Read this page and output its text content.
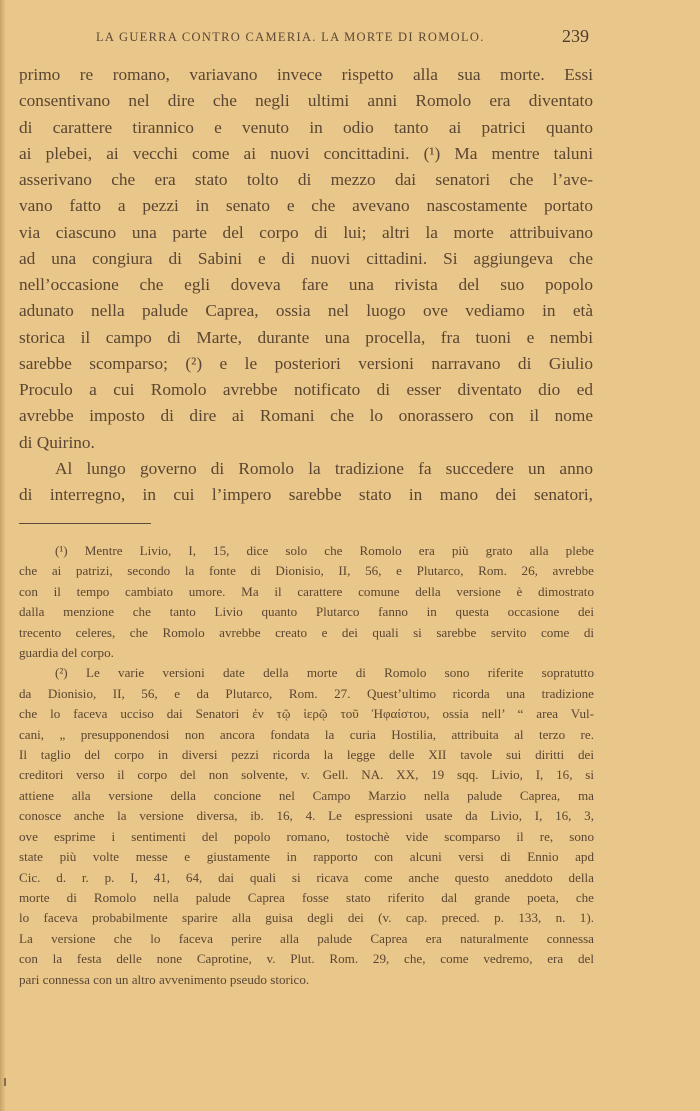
LA GUERRA CONTRO CAMERIA. LA MORTE DI ROMOLO.	239
primo re romano, variavano invece rispetto alla sua morte. Essi
consentivano nel dire che negli ultimi anni Romolo era diventato
di carattere tirannico e venuto in odio tanto ai patrici quanto
ai plebei, ai vecchi come ai nuovi concittadini. (¹) Ma mentre taluni
asserivano che era stato tolto di mezzo dai senatori che l’ave-
vano fatto a pezzi in senato e che avevano nascostamente portato
via ciascuno una parte del corpo di lui; altri la morte attribuivano
ad una congiura di Sabini e di nuovi cittadini. Si aggiungeva che
nell’occasione che egli doveva fare una rivista del suo popolo
adunato nella palude Caprea, ossia nel luogo ove vediamo in età
storica il campo di Marte, durante una procella, fra tuoni e nembi
sarebbe scomparso; (²) e le posteriori versioni narravano di Giulio
Proculo a cui Romolo avrebbe notificato di esser diventato dio ed
avrebbe imposto di dire ai Romani che lo onorassero con il nome
di Quirino.
Al lungo governo di Romolo la tradizione fa succedere un anno
di interregno, in cui l’impero sarebbe stato in mano dei senatori,
(¹) Mentre Livio, I, 15, dice solo che Romolo era più grato alla plebe
che ai patrizi, secondo la fonte di Dionisio, II, 56, e Plutarco, Rom. 26, avrebbe
con il tempo cambiato umore. Ma il carattere comune della versione è dimostrato
dalla menzione che tanto Livio quanto Plutarco fanno in questa occasione dei
trecento celeres, che Romolo avrebbe creato e dei quali si sarebbe servito come di
guardia del corpo.
(²) Le varie versioni date della morte di Romolo sono riferite sopratutto
da Dionisio, II, 56, e da Plutarco, Rom. 27. Quest’ultimo ricorda una tradizione
che lo faceva ucciso dai Senatori ἐν τῷ ἱερῷ τοῦ Ἡφαίστου, ossia nell’ “ area Vul-
cani, „ presupponendosi non ancora fondata la curia Hostilia, attribuita al terzo re.
Il taglio del corpo in diversi pezzi ricorda la legge delle XII tavole sui diritti dei
creditori verso il corpo del non solvente, v. Gell. NA. XX, 19 sqq. Livio, I, 16, si
attiene alla versione della concione nel Campo Marzio nella palude Caprea, ma
conosce anche la versione diversa, ib. 16, 4. Le espressioni usate da Livio, I, 16, 3,
ove esprime i sentimenti del popolo romano, tostochè vide scomparso il re, sono
state più volte messe e giustamente in rapporto con alcuni versi di Ennio apd
Cic. d. r. p. I, 41, 64, dai quali si ricava come anche questo aneddoto della
morte di Romolo nella palude Caprea fosse stato riferito dal grande poeta, che
lo faceva probabilmente sparire alla guisa degli dei (v. cap. preced. p. 133, n. 1).
La versione che lo faceva perire alla palude Caprea era naturalmente connessa
con la festa delle none Caprotine, v. Plut. Rom. 29, che, come vedremo, era del
pari connessa con un altro avvenimento pseudo storico.
